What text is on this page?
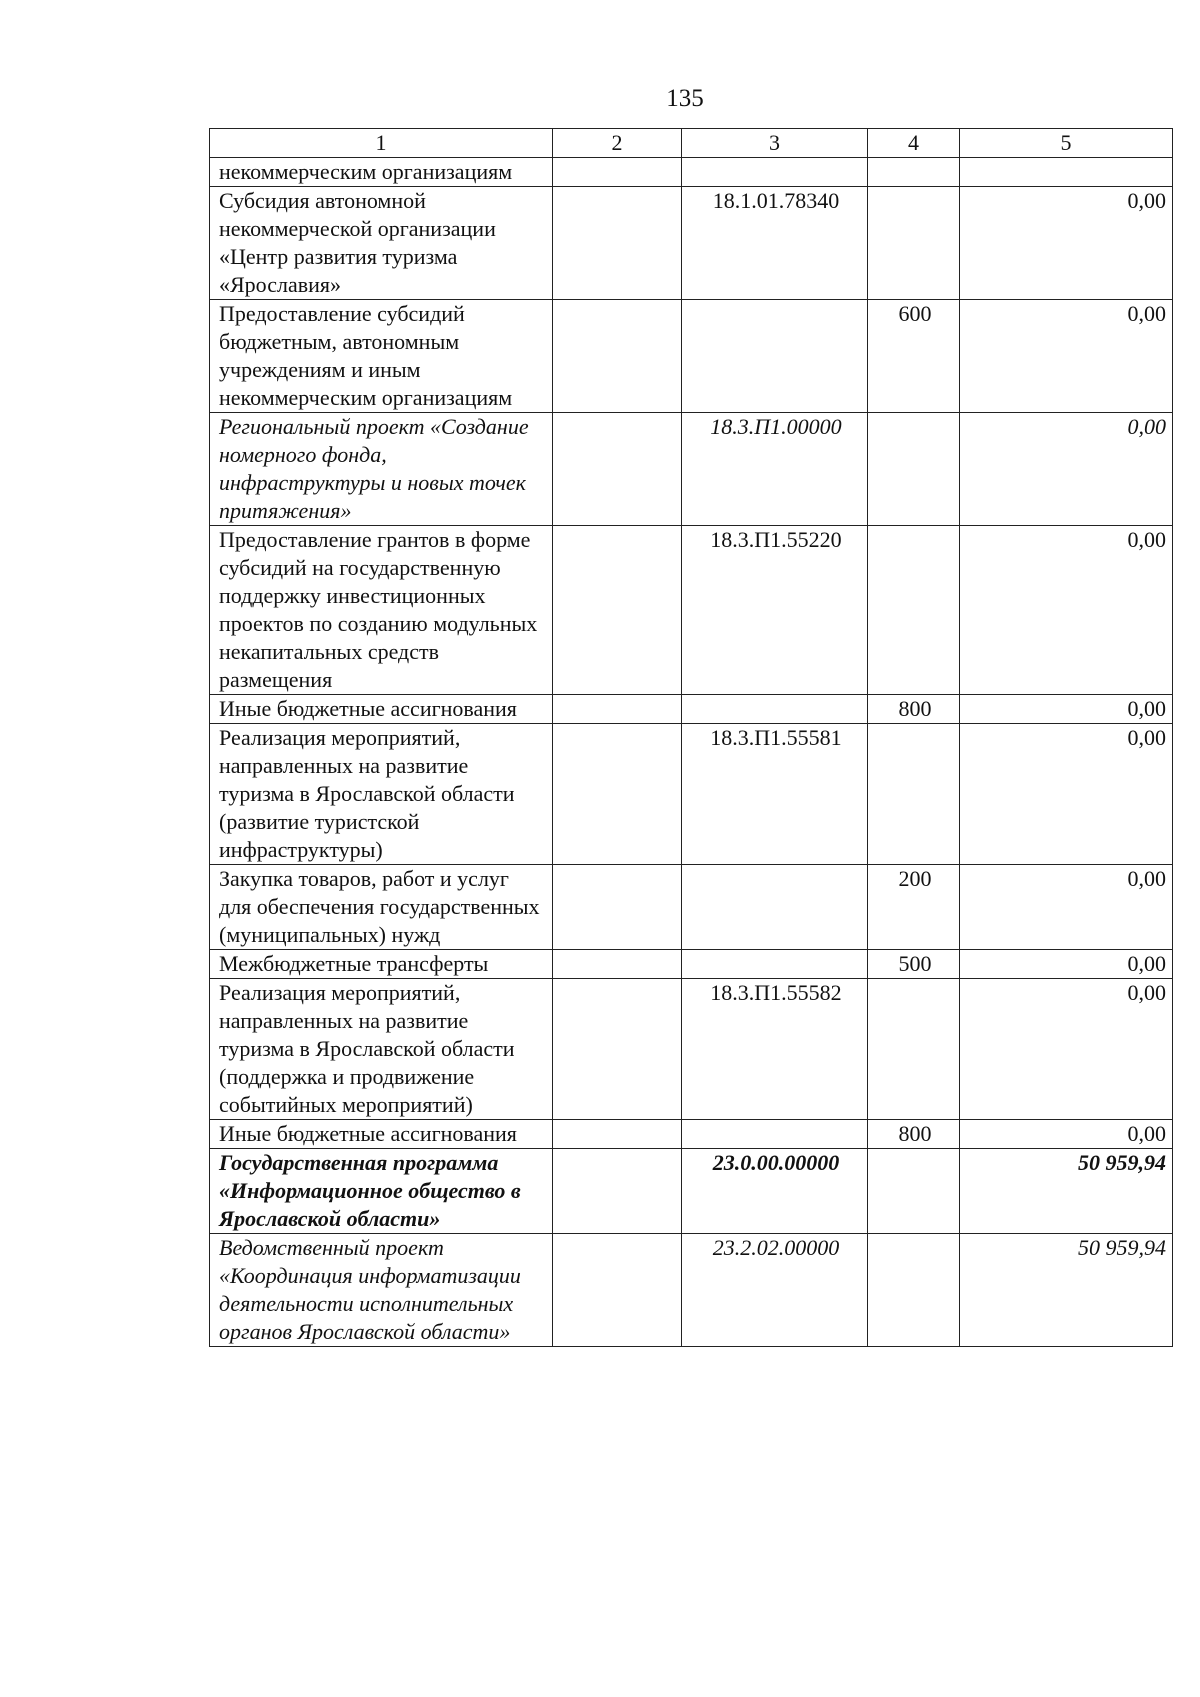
135
1	2	3	4	5
некоммерческим организациям				
Субсидия автономной некоммерческой организации «Центр развития туризма «Ярославия»		18.1.01.78340		0,00
Предоставление субсидий бюджетным, автономным учреждениям и иным некоммерческим организациям			600	0,00
Региональный проект «Создание номерного фонда, инфраструктуры и новых точек притяжения»		18.3.П1.00000		0,00
Предоставление грантов в форме субсидий на государственную поддержку инвестиционных проектов по созданию модульных некапитальных средств размещения		18.3.П1.55220		0,00
Иные бюджетные ассигнования			800	0,00
Реализация мероприятий, направленных на развитие туризма в Ярославской области (развитие туристской инфраструктуры)		18.3.П1.55581		0,00
Закупка товаров, работ и услуг для обеспечения государственных (муниципальных) нужд			200	0,00
Межбюджетные трансферты			500	0,00
Реализация мероприятий, направленных на развитие туризма в Ярославской области (поддержка и продвижение событийных мероприятий)		18.3.П1.55582		0,00
Иные бюджетные ассигнования			800	0,00
Государственная программа «Информационное общество в Ярославской области»		23.0.00.00000		50 959,94
Ведомственный проект «Координация информатизации деятельности исполнительных органов Ярославской области»		23.2.02.00000		50 959,94
